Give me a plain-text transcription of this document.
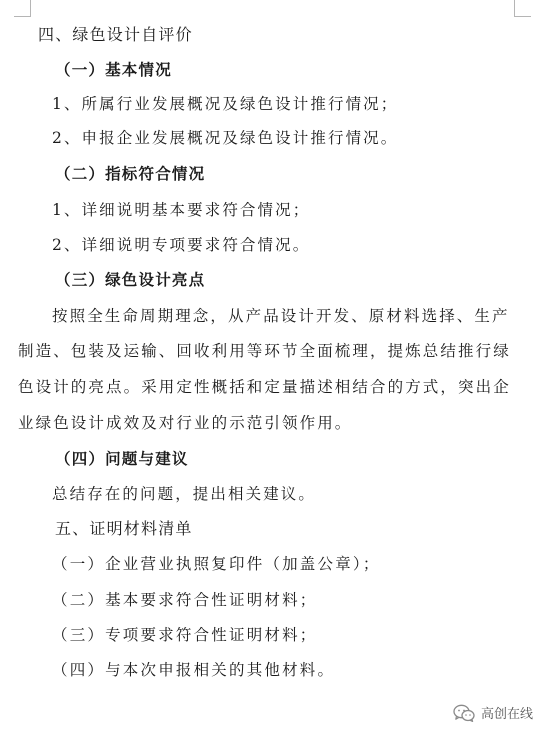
四、绿色设计自评价
（一）基本情况
1、所属行业发展概况及绿色设计推行情况；
2、申报企业发展概况及绿色设计推行情况。
（二）指标符合情况
1、详细说明基本要求符合情况；
2、详细说明专项要求符合情况。
（三）绿色设计亮点
按照全生命周期理念，从产品设计开发、原材料选择、生产
制造、包装及运输、回收利用等环节全面梳理，提炼总结推行绿
色设计的亮点。采用定性概括和定量描述相结合的方式，突出企
业绿色设计成效及对行业的示范引领作用。
（四）问题与建议
总结存在的问题，提出相关建议。
五、证明材料清单
（一）企业营业执照复印件（加盖公章）；
（二）基本要求符合性证明材料；
（三）专项要求符合性证明材料；
（四）与本次申报相关的其他材料。
高创在线
